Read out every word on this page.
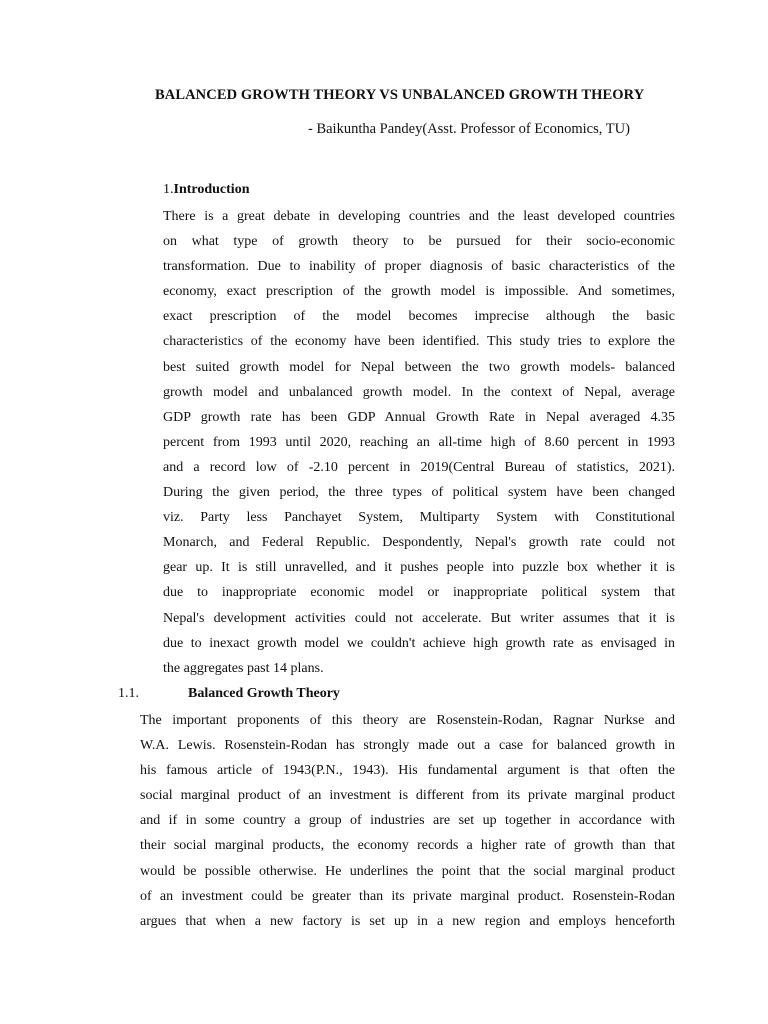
BALANCED GROWTH THEORY VS UNBALANCED GROWTH THEORY
- Baikuntha Pandey(Asst. Professor of Economics, TU)
1.Introduction
There is a great debate in developing countries and the least developed countries
on what type of growth theory to be pursued for their socio-economic
transformation. Due to inability of proper diagnosis of basic characteristics of the
economy, exact prescription of the growth model is impossible. And sometimes,
exact prescription of the model becomes imprecise although the basic
characteristics of the economy have been identified. This study tries to explore the
best suited growth model for Nepal between the two growth models- balanced
growth model and unbalanced growth model. In the context of Nepal, average
GDP growth rate has been GDP Annual Growth Rate in Nepal averaged 4.35
percent from 1993 until 2020, reaching an all-time high of 8.60 percent in 1993
and a record low of -2.10 percent in 2019(Central Bureau of statistics, 2021).
During the given period, the three types of political system have been changed
viz. Party less Panchayet System, Multiparty System with Constitutional
Monarch, and Federal Republic. Despondently, Nepal's growth rate could not
gear up. It is still unravelled, and it pushes people into puzzle box whether it is
due to inappropriate economic model or inappropriate political system that
Nepal's development activities could not accelerate. But writer assumes that it is
due to inexact growth model we couldn't achieve high growth rate as envisaged in
the aggregates past 14 plans.
1.1.	Balanced Growth Theory
The important proponents of this theory are Rosenstein-Rodan, Ragnar Nurkse and
W.A. Lewis. Rosenstein-Rodan has strongly made out a case for balanced growth in
his famous article of 1943(P.N., 1943). His fundamental argument is that often the
social marginal product of an investment is different from its private marginal product
and if in some country a group of industries are set up together in accordance with
their social marginal products, the economy records a higher rate of growth than that
would be possible otherwise. He underlines the point that the social marginal product
of an investment could be greater than its private marginal product. Rosenstein-Rodan
argues that when a new factory is set up in a new region and employs henceforth
